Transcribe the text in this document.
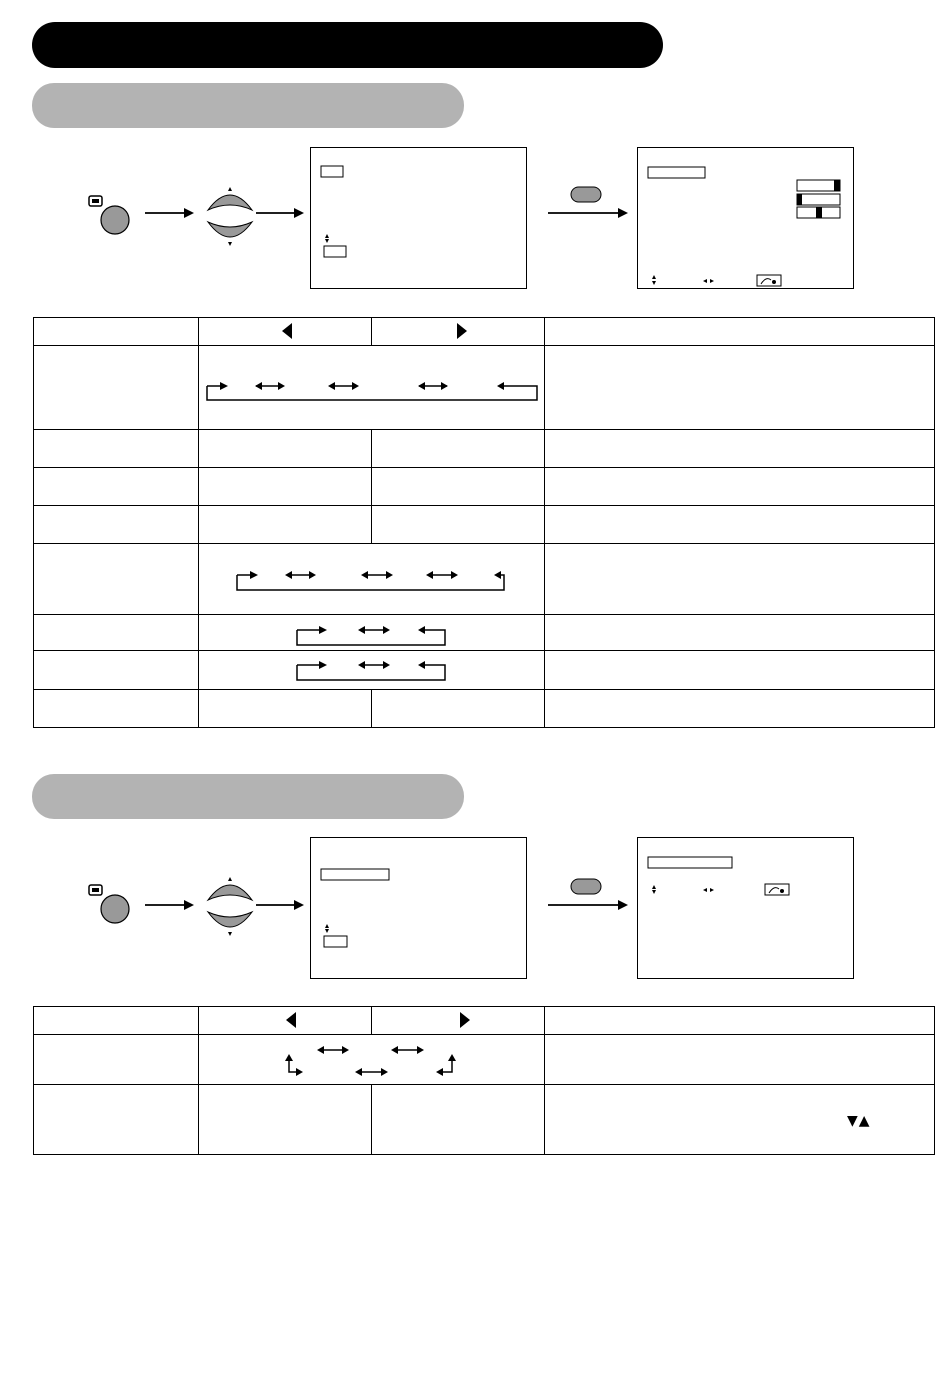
			▼▲
